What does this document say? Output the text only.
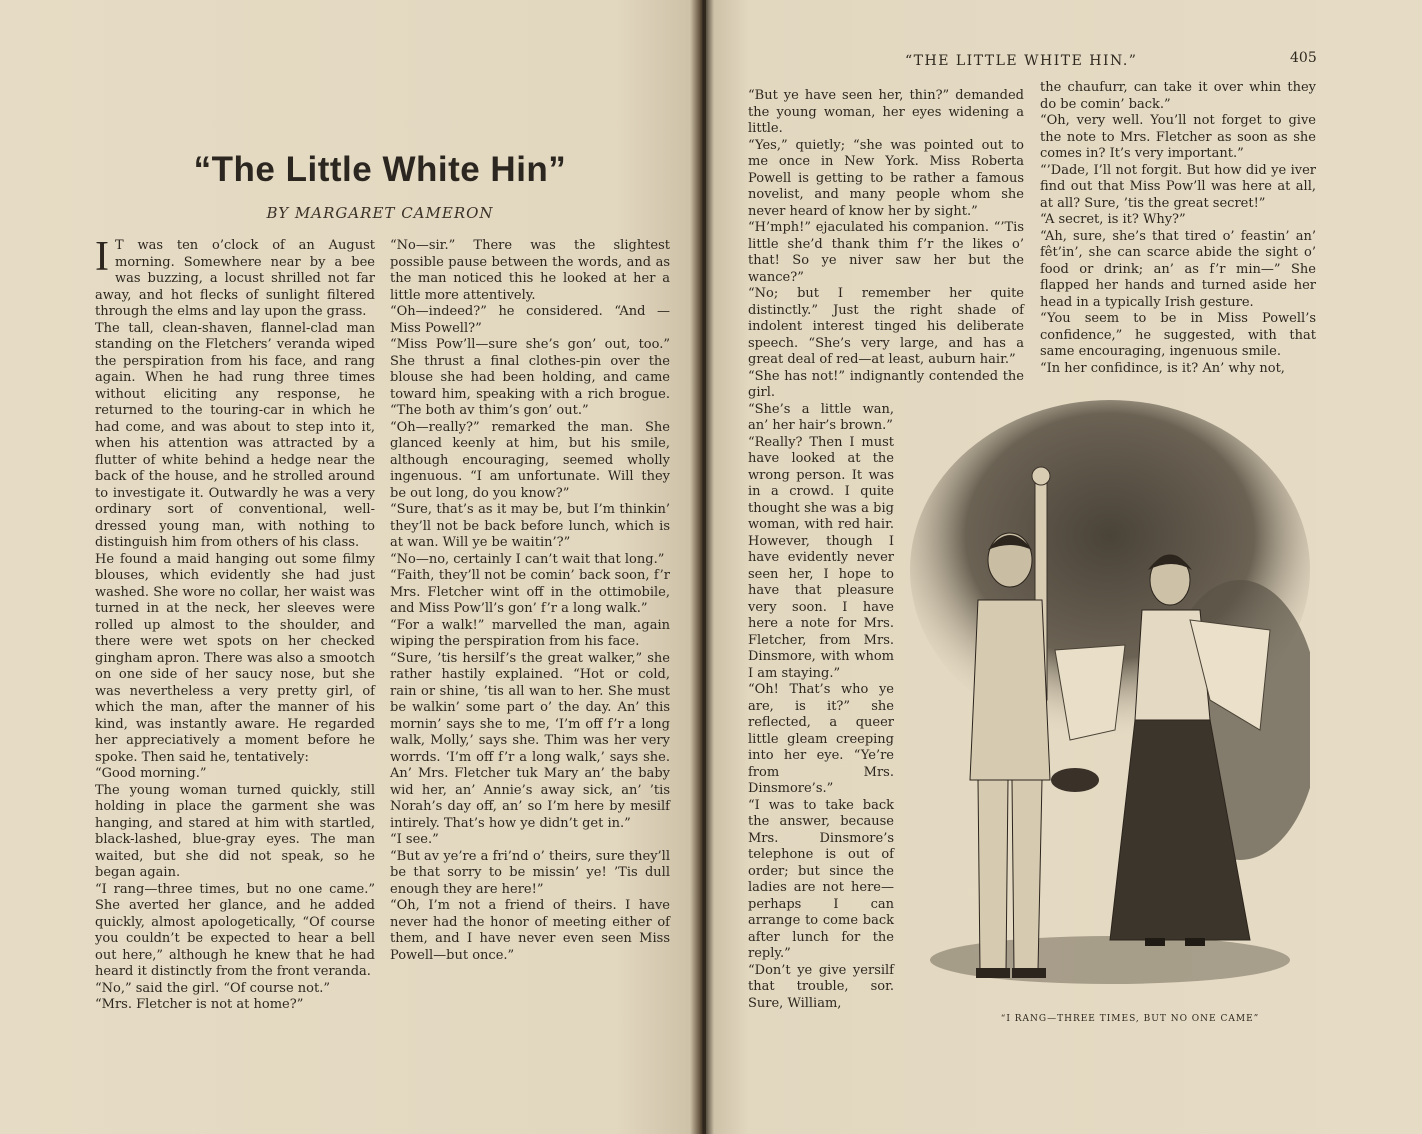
“The Little White Hin”
BY MARGARET CAMERON

I T was ten o’clock of an August morning. Somewhere near by a bee was buzzing, a locust shrilled not far away, and hot flecks of sunlight filtered through the elms and lay upon the grass.

The tall, clean-shaven, flannel-clad man standing on the Fletchers’ veranda wiped the perspiration from his face, and rang again. When he had rung three times without eliciting any response, he returned to the touring-car in which he had come, and was about to step into it, when his attention was attracted by a flutter of white behind a hedge near the back of the house, and he strolled around to investigate it. Outwardly he was a very ordinary sort of conventional, well-dressed young man, with nothing to distinguish him from others of his class.

He found a maid hanging out some filmy blouses, which evidently she had just washed. She wore no collar, her waist was turned in at the neck, her sleeves were rolled up almost to the shoulder, and there were wet spots on her checked gingham apron. There was also a smootch on one side of her saucy nose, but she was nevertheless a very pretty girl, of which the man, after the manner of his kind, was instantly aware. He regarded her appreciatively a moment before he spoke. Then said he, tentatively:

“Good morning.”

The young woman turned quickly, still holding in place the garment she was hanging, and stared at him with startled, black-lashed, blue-gray eyes. The man waited, but she did not speak, so he began again.

“I rang—three times, but no one came.” She averted her glance, and he added quickly, almost apologetically, “Of course you couldn’t be expected to hear a bell out here,” although he knew that he had heard it distinctly from the front veranda.

“No,” said the girl. “Of course not.”

“Mrs. Fletcher is not at home?”

“No—sir.” There was the slightest possible pause between the words, and as the man noticed this he looked at her a little more attentively.

“Oh—indeed?” he considered. “And —Miss Powell?”

“Miss Pow’ll—sure she’s gon’ out, too.” She thrust a final clothes-pin over the blouse she had been holding, and came toward him, speaking with a rich brogue. “The both av thim’s gon’ out.”

“Oh—really?” remarked the man. She glanced keenly at him, but his smile, although encouraging, seemed wholly ingenuous. “I am unfortunate. Will they be out long, do you know?”

“Sure, that’s as it may be, but I’m thinkin’ they’ll not be back before lunch, which is at wan. Will ye be waitin’?”

“No—no, certainly I can’t wait that long.”

“Faith, they’ll not be comin’ back soon, f’r Mrs. Fletcher wint off in the ottimobile, and Miss Pow’ll’s gon’ f’r a long walk.”

“For a walk!” marvelled the man, again wiping the perspiration from his face.

“Sure, ’tis hersilf’s the great walker,” she rather hastily explained. “Hot or cold, rain or shine, ’tis all wan to her. She must be walkin’ some part o’ the day. An’ this mornin’ says she to me, ‘I’m off f’r a long walk, Molly,’ says she. Thim was her very worrds. ‘I’m off f’r a long walk,’ says she. An’ Mrs. Fletcher tuk Mary an’ the baby wid her, an’ Annie’s away sick, an’ ’tis Norah’s day off, an’ so I’m here by mesilf intirely. That’s how ye didn’t get in.”

“I see.”

“But av ye’re a fri’nd o’ theirs, sure they’ll be that sorry to be missin’ ye! ’Tis dull enough they are here!”

“Oh, I’m not a friend of theirs. I have never had the honor of meeting either of them, and I have never even seen Miss Powell—but once.”

“THE LITTLE WHITE HIN.”	405

“But ye have seen her, thin?” demanded the young woman, her eyes widening a little.

“Yes,” quietly; “she was pointed out to me once in New York. Miss Roberta Powell is getting to be rather a famous novelist, and many people whom she never heard of know her by sight.”

“H’mph!” ejaculated his companion. “’Tis little she’d thank thim f’r the likes o’ that! So ye niver saw her but the wance?”

“No; but I remember her quite distinctly.” Just the right shade of indolent interest tinged his deliberate speech. “She’s very large, and has a great deal of red—at least, auburn hair.”

“She has not!” indignantly contended the girl.

“She’s a little wan, an’ her hair’s brown.”

“Really? Then I must have looked at the wrong person. It was in a crowd. I quite thought she was a big woman, with red hair. However, though I have evidently never seen her, I hope to have that pleasure very soon. I have here a note for Mrs. Fletcher, from Mrs. Dinsmore, with whom I am staying.”

“Oh! That’s who ye are, is it?” she reflected, a queer little gleam creeping into her eye. “Ye’re from Mrs. Dinsmore’s.”

“I was to take back the answer, because Mrs. Dinsmore’s telephone is out of order; but since the ladies are not here—perhaps I can arrange to come back after lunch for the reply.”

“Don’t ye give yersilf that trouble, sor. Sure, William,

the chaufurr, can take it over whin they do be comin’ back.”

“Oh, very well. You’ll not forget to give the note to Mrs. Fletcher as soon as she comes in? It’s very important.”

“’Dade, I’ll not forgit. But how did ye iver find out that Miss Pow’ll was here at all, at all? Sure, ’tis the great secret!”

“A secret, is it? Why?”

“Ah, sure, she’s that tired o’ feastin’ an’ fêt’in’, she can scarce abide the sight o’ food or drink; an’ as f’r min—” She flapped her hands and turned aside her head in a typically Irish gesture.

“You seem to be in Miss Powell’s confidence,” he suggested, with that same encouraging, ingenuous smile.

“In her confidince, is it? An’ why not,

“I RANG—THREE TIMES, BUT NO ONE CAME”
